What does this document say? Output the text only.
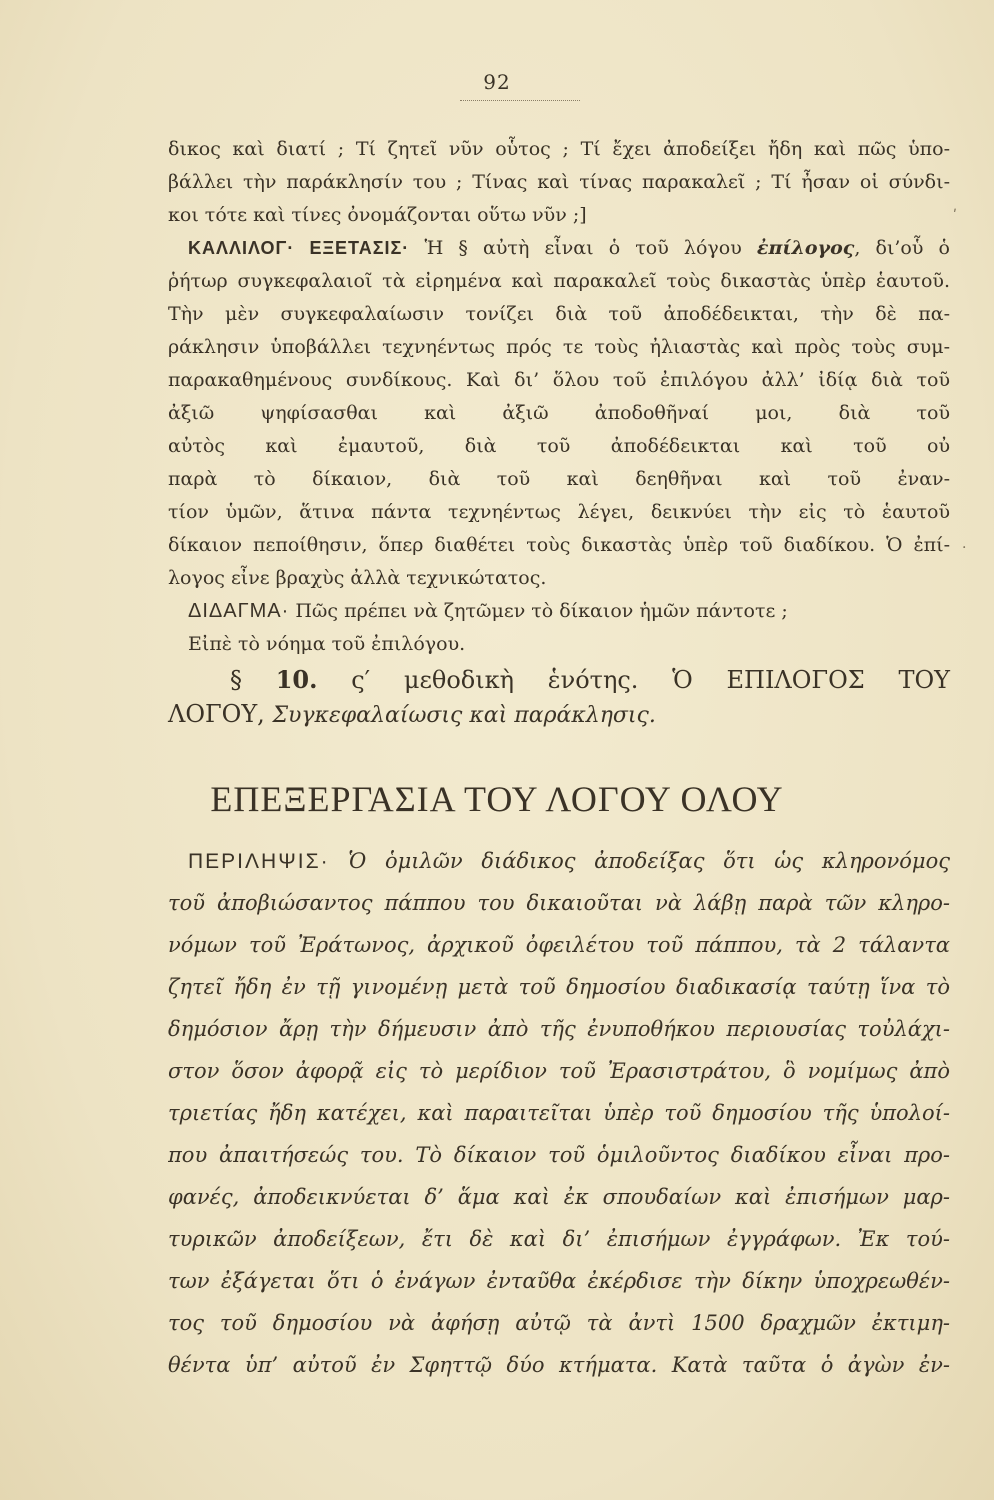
92
δικος καὶ διατί ; Τί ζητεῖ νῦν οὗτος ; Τί ἔχει ἀποδείξει ἤδη καὶ πῶς ὑπο-
βάλλει τὴν παράκλησίν του ; Τίνας καὶ τίνας παρακαλεῖ ; Τί ἦσαν οἱ σύνδι-
κοι τότε καὶ τίνες ὀνομάζονται οὕτω νῦν ;]
ΚΑΛΛΙΛΟΓ· ΕΞΕΤΑΣΙΣ· Ἡ § αὐτὴ εἶναι ὁ τοῦ λόγου ἐπίλογος, δι’οὗ ὁ
ῥήτωρ συγκεφαλαιοῖ τὰ εἰρημένα καὶ παρακαλεῖ τοὺς δικαστὰς ὑπὲρ ἑαυτοῦ.
Τὴν μὲν συγκεφαλαίωσιν τονίζει διὰ τοῦ ἀποδέδεικται, τὴν δὲ πα-
ράκλησιν ὑποβάλλει τεχνηέντως πρός τε τοὺς ἠλιαστὰς καὶ πρὸς τοὺς συμ-
παρακαθημένους συνδίκους. Καὶ δι’ ὅλου τοῦ ἐπιλόγου ἀλλ’ ἰδίᾳ διὰ τοῦ
ἀξιῶ ψηφίσασθαι καὶ ἀξιῶ ἀποδοθῆναί μοι, διὰ τοῦ
αὐτὸς καὶ ἐμαυτοῦ, διὰ τοῦ ἀποδέδεικται καὶ τοῦ οὐ
παρὰ τὸ δίκαιον, διὰ τοῦ καὶ δεηθῆναι καὶ τοῦ ἐναν-
τίον ὑμῶν, ἅτινα πάντα τεχνηέντως λέγει, δεικνύει τὴν εἰς τὸ ἑαυτοῦ
δίκαιον πεποίθησιν, ὅπερ διαθέτει τοὺς δικαστὰς ὑπὲρ τοῦ διαδίκου. Ὁ ἐπί-
λογος εἶνε βραχὺς ἀλλὰ τεχνικώτατος.
ΔΙΔΑΓΜΑ· Πῶς πρέπει νὰ ζητῶμεν τὸ δίκαιον ἡμῶν πάντοτε ;
Εἰπὲ τὸ νόημα τοῦ ἐπιλόγου.
§ 10. ς′ μεθοδικὴ ἑνότης. Ὁ ΕΠΙΛΟΓΟΣ ΤΟΥ
ΛΟΓΟΥ, Συγκεφαλαίωσις καὶ παράκλησις.
ΕΠΕΞΕΡΓΑΣΙΑ ΤΟΥ ΛΟΓΟΥ ΟΛΟΥ
ΠΕΡΙΛΗΨΙΣ· Ὁ ὁμιλῶν διάδικος ἀποδείξας ὅτι ὡς κληρονόμος
τοῦ ἀποβιώσαντος πάππου του δικαιοῦται νὰ λάβῃ παρὰ τῶν κληρο-
νόμων τοῦ Ἐράτωνος, ἀρχικοῦ ὀφειλέτου τοῦ πάππου, τὰ 2 τάλαντα
ζητεῖ ἤδη ἐν τῇ γινομένῃ μετὰ τοῦ δημοσίου διαδικασίᾳ ταύτῃ ἵνα τὸ
δημόσιον ἄρῃ τὴν δήμευσιν ἀπὸ τῆς ἐνυποθήκου περιουσίας τοὐλάχι-
στον ὅσον ἀφορᾷ εἰς τὸ μερίδιον τοῦ Ἐρασιστράτου, ὃ νομίμως ἀπὸ
τριετίας ἤδη κατέχει, καὶ παραιτεῖται ὑπὲρ τοῦ δημοσίου τῆς ὑπολοί-
που ἀπαιτήσεώς του. Τὸ δίκαιον τοῦ ὁμιλοῦντος διαδίκου εἶναι προ-
φανές, ἀποδεικνύεται δ’ ἅμα καὶ ἐκ σπουδαίων καὶ ἐπισήμων μαρ-
τυρικῶν ἀποδείξεων, ἔτι δὲ καὶ δι’ ἐπισήμων ἐγγράφων. Ἐκ τού-
των ἐξάγεται ὅτι ὁ ἐνάγων ἐνταῦθα ἐκέρδισε τὴν δίκην ὑποχρεωθέν-
τος τοῦ δημοσίου νὰ ἀφήσῃ αὐτῷ τὰ ἀντὶ 1500 δραχμῶν ἐκτιμη-
θέντα ὑπ’ αὐτοῦ ἐν Σφηττῷ δύο κτήματα. Κατὰ ταῦτα ὁ ἀγὼν ἐν-
ʹ
·
